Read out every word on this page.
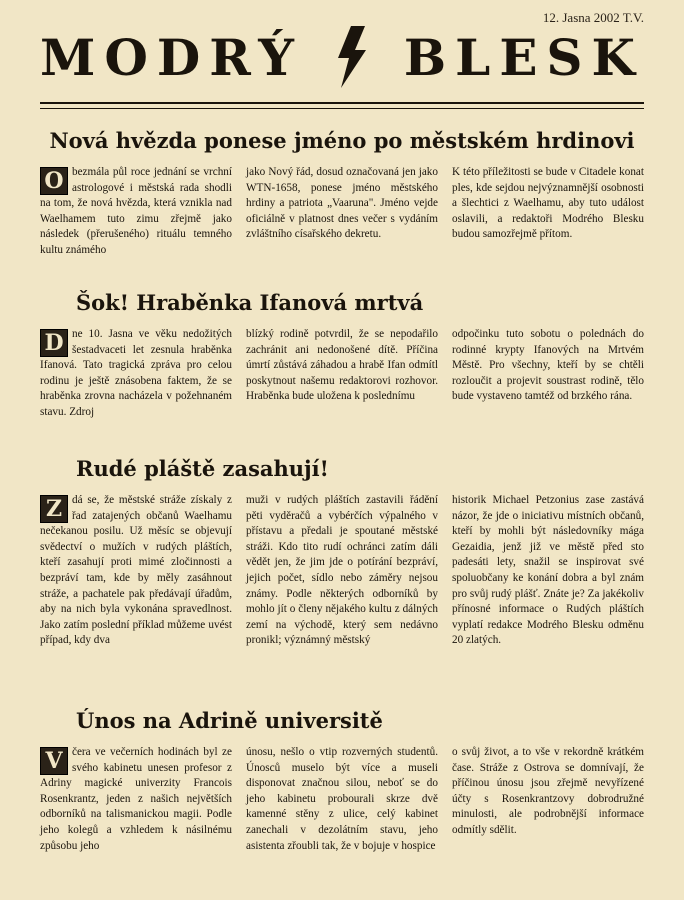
12. Jasna 2002 T.V.
MODRÝ BLESK
Nová hvězda ponese jméno po městském hrdinovi

O bezmála půl roce jednání se vrchní astrologové i městská rada shodli na tom, že nová hvězda, která vznikla nad Waelhamem tuto zimu zřejmě jako následek (přerušeného) rituálu temného kultu známého

jako Nový řád, dosud označovaná jen jako WTN-1658, ponese jméno městského hrdiny a patriota „Vaaruna". Jméno vejde oficiálně v platnost dnes večer s vydáním zvláštního císařského dekretu.

K této příležitosti se bude v Citadele konat ples, kde sejdou nejvýznamnější osobnosti a šlechtici z Waelhamu, aby tuto událost oslavili, a redaktoři Modrého Blesku budou samozřejmě přítom.

Šok! Hraběnka Ifanová mrtvá

D ne 10. Jasna ve věku nedožitých šestadvaceti let zesnula hraběnka Ifanová. Tato tragická zpráva pro celou rodinu je ještě znásobena faktem, že se hraběnka zrovna nacházela v požehnaném stavu. Zdroj

blízký rodině potvrdil, že se nepodařilo zachránit ani nedonošené dítě. Příčina úmrtí zůstává záhadou a hrabě Ifan odmítl poskytnout našemu redaktorovi rozhovor. Hraběnka bude uložena k poslednímu

odpočinku tuto sobotu o polednách do rodinné krypty Ifanových na Mrtvém Městě. Pro všechny, kteří by se chtěli rozloučit a projevit soustrast rodině, tělo bude vystaveno tamtéž od brzkého rána.

Rudé pláště zasahují!

Z dá se, že městské stráže získaly z řad zatajených občanů Waelhamu nečekanou posilu. Už měsíc se objevují svědectví o mužích v rudých pláštích, kteří zasahují proti mimé zločinnosti a bezpráví tam, kde by měly zasáhnout stráže, a pachatele pak předávají úřadům, aby na nich byla vykonána spravedlnost. Jako zatím poslední příklad můžeme uvést případ, kdy dva

muži v rudých pláštích zastavili řádění pěti vyděračů a vybérčích výpalného v přístavu a předali je spoutané městské stráži. Kdo tito rudí ochránci zatím dáli vědět jen, že jim jde o potírání bezpráví, jejich počet, sídlo nebo záměry nejsou známy. Podle některých odborníků by mohlo jít o členy nějakého kultu z dálných zemí na východě, který sem nedávno pronikl; význámný městský

historik Michael Petzonius zase zastává názor, že jde o iniciativu místních občanů, kteří by mohli být následovníky mága Gezaidia, jenž již ve městě před sto padesáti lety, snažil se inspirovat své spoluobčany ke konání dobra a byl znám pro svůj rudý plášť. Znáte je? Za jakékoliv přínosné informace o Rudých pláštích vyplatí redakce Modrého Blesku odměnu 20 zlatých.

Únos na Adrině universitě

V čera ve večerních hodinách byl ze svého kabinetu unesen profesor z Adriny magické univerzity Francois Rosenkrantz, jeden z našich největších odborníků na talismanickou magii. Podle jeho kolegů a vzhledem k násilnému způsobu jeho

únosu, nešlo o vtip rozverných studentů. Únosců muselo být více a museli disponovat značnou silou, neboť se do jeho kabinetu probourali skrze dvě kamenné stěny z ulice, celý kabinet zanechali v dezolátním stavu, jeho asistenta zřoubli tak, že v bojuje v hospice

o svůj život, a to vše v rekordně krátkém čase. Stráže z Ostrova se domnívají, že příčinou únosu jsou zřejmě nevyřízené účty s Rosenkrantzovy dobrodružné minulosti, ale podrobnější informace odmítly sdělit.
